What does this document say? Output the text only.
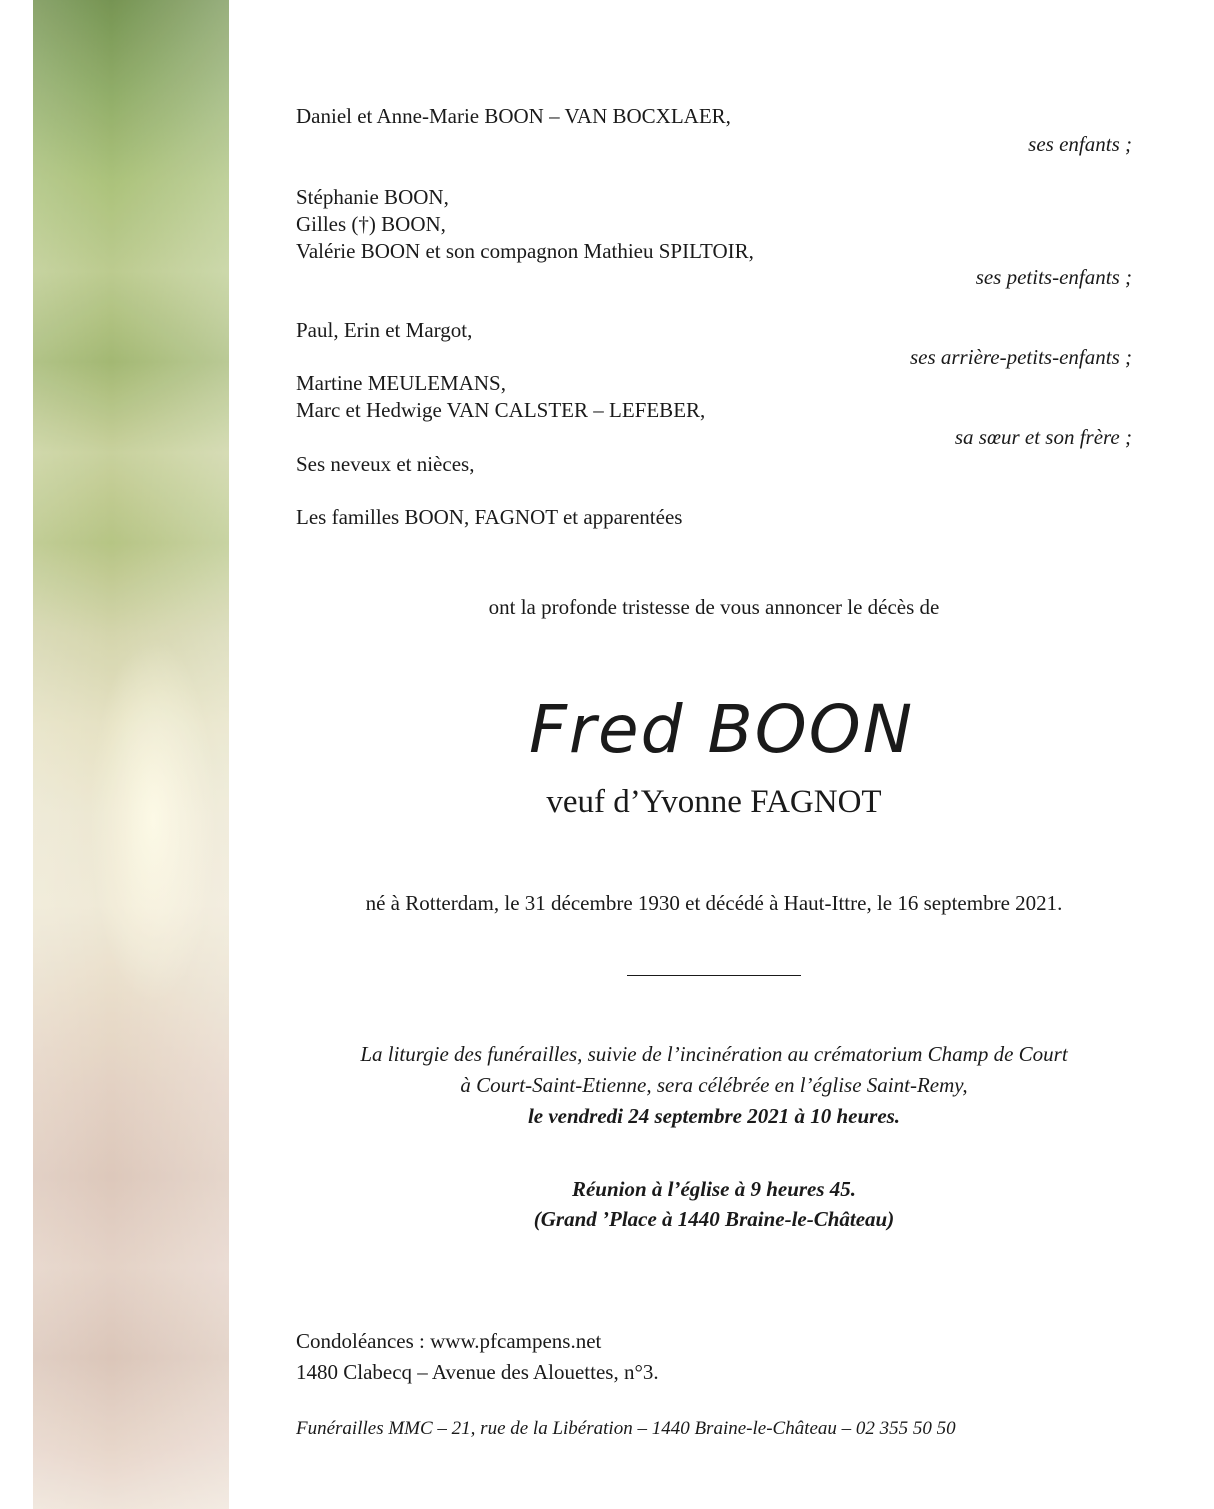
Daniel et Anne-Marie BOON – VAN BOCXLAER,
ses enfants ;
Stéphanie BOON,
Gilles (†) BOON,
Valérie BOON et son compagnon Mathieu SPILTOIR,
ses petits-enfants ;
Paul, Erin et Margot,
ses arrière-petits-enfants ;
Martine MEULEMANS,
Marc et Hedwige VAN CALSTER – LEFEBER,
sa sœur et son frère ;
Ses neveux et nièces,
Les familles BOON, FAGNOT et apparentées
ont la profonde tristesse de vous annoncer le décès de
Fred BOON
veuf d’Yvonne FAGNOT
né à Rotterdam, le 31 décembre 1930 et décédé à Haut-Ittre, le 16 septembre 2021.
La liturgie des funérailles, suivie de l’incinération au crématorium Champ de Court
à Court-Saint-Etienne, sera célébrée en l’église Saint-Remy,
le vendredi 24 septembre 2021 à 10 heures.
Réunion à l’église à 9 heures 45.
(Grand ’Place à 1440 Braine-le-Château)
Condoléances : www.pfcampens.net
1480 Clabecq – Avenue des Alouettes, n°3.
Funérailles MMC – 21, rue de la Libération – 1440 Braine-le-Château – 02 355 50 50
